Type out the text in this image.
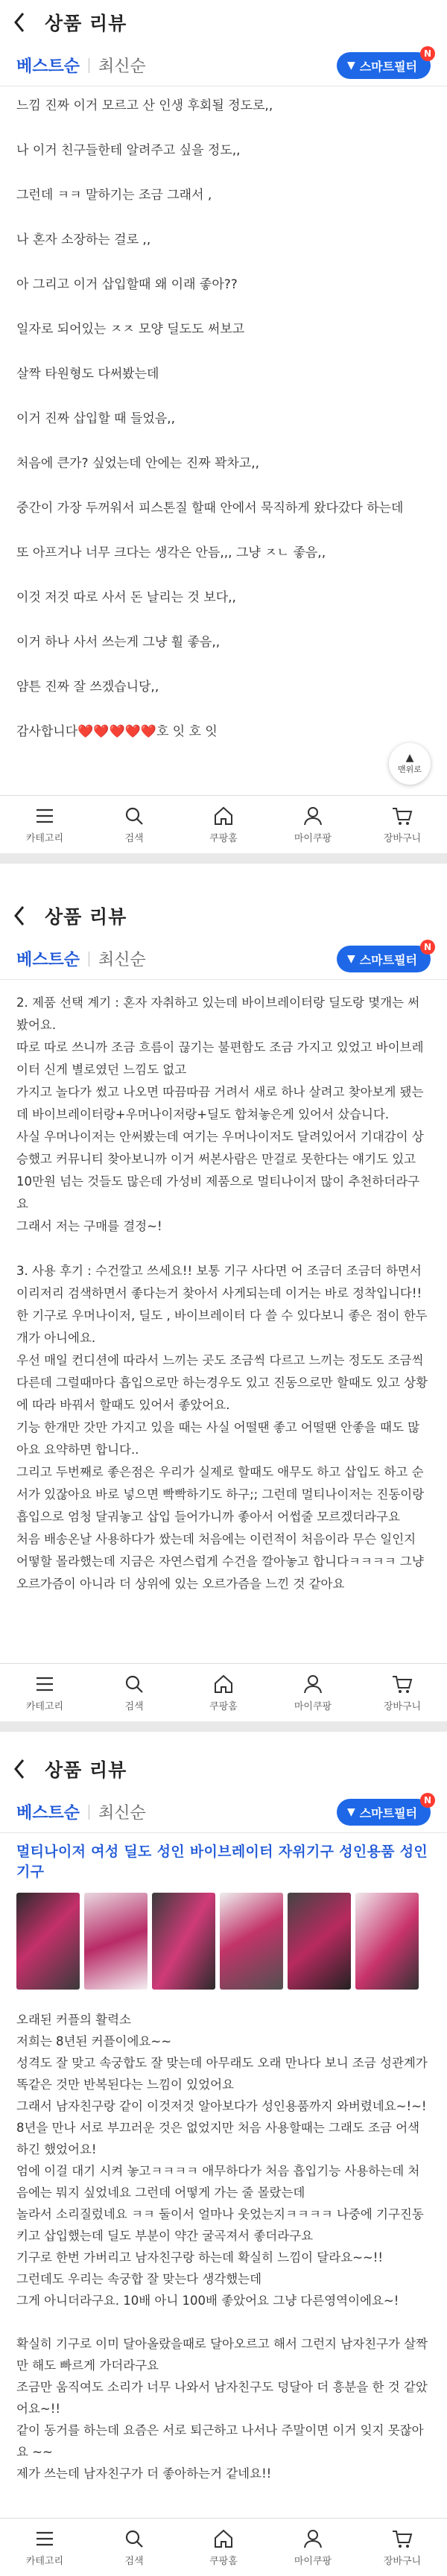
상품 리뷰
베스트순 최신순	▼ 스마트필터
N
느낌 진짜 이거 모르고 산 인생 후회될 정도로,,
나 이거 친구들한테 알려주고 싶을 정도,,
그런데 ㅋㅋ 말하기는 조금 그래서 ,
나 혼자 소장하는 걸로 ,,
아 그리고 이거 삽입할때 왜 이래 좋아??
일자로 되어있는 ㅈㅈ 모양 딜도도 써보고
살짝 타원형도 다써봤는데
이거 진짜 삽입할 때 들었음,,
처음에 큰가? 싶었는데 안에는 진짜 꽉차고,,
중간이 가장 두꺼워서 피스톤질 할때 안에서 묵직하게 왔다갔다 하는데
또 아프거나 너무 크다는 생각은 안듬,,, 그냥 ㅈㄴ 좋음,,
이것 저것 따로 사서 돈 날리는 것 보다,,
이거 하나 사서 쓰는게 그냥 훨 좋음,,
얌튼 진짜 잘 쓰겠습니당,,
감사합니다❤️❤️❤️❤️❤️호 잇 호 잇
▲
맨위로
카테고리	검색	쿠팡홈	마이쿠팡	장바구니
상품 리뷰
베스트순 최신순	▼ 스마트필터
N
2. 제품 선택 계기 : 혼자 자취하고 있는데 바이브레이터랑 딜도랑 몇개는 써봤어요.
따로 따로 쓰니까 조금 흐름이 끊기는 불편함도 조금 가지고 있었고 바이브레이터 신게 별로였던 느낌도 없고
가지고 놀다가 썼고 나오면 따끔따끔 거려서 새로 하나 살려고 찾아보게 됐는데 바이브레이터랑+우머나이저랑+딜도 합쳐놓은게 있어서 샀습니다.
사실 우머나이저는 안써봤는데 여기는 우머나이저도 달려있어서 기대감이 상승했고 커뮤니티 찾아보니까 이거 써본사람은 만걸로 못한다는 얘기도 있고 10만원 넘는 것들도 많은데 가성비 제품으로 멀티나이저 많이 추천하더라구요
그래서 저는 구매를 결정~!

3. 사용 후기 : 수건깔고 쓰세요!! 보통 기구 사다면 어 조금더 조금더 하면서 이리저리 검색하면서 좋다는거 찾아서 사게되는데 이거는 바로 정착입니다!!
한 기구로 우머나이저, 딜도 , 바이브레이터 다 쓸 수 있다보니 좋은 점이 한두개가 아니에요.
우선 매일 컨디션에 따라서 느끼는 곳도 조금씩 다르고 느끼는 정도도 조금씩 다른데 그럴때마다 흡입으로만 하는경우도 있고 진동으로만 할때도 있고 상황에 따라 바꿔서 할때도 있어서 좋았어요.
기능 한개만 갓만 가지고 있을 때는 사실 어떨땐 좋고 어떨땐 안좋을 때도 많아요 요약하면 합니다..
그리고 두번째로 좋은점은 우리가 실제로 할때도 애무도 하고 삽입도 하고 순서가 있잖아요 바로 넣으면 빡빡하기도 하구;; 그런데 멀티나이저는 진동이랑 흡입으로 엄청 달궈놓고 삽입 들어가니까 좋아서 어썹줄 모르겠더라구요
처음 배송온날 사용하다가 쌌는데 처음에는 이런적이 처음이라 무슨 일인지 어떻할 몰라했는데 지금은 자연스럽게 수건을 깔아놓고 합니다ㅋㅋㅋㅋ 그냥 오르가즘이 아니라 더 상위에 있는 오르가즘을 느낀 것 같아요
카테고리	검색	쿠팡홈	마이쿠팡	장바구니
상품 리뷰
베스트순 최신순	▼ 스마트필터
N
멀티나이저 여성 딜도 성인 바이브레이터 자위기구 성인용품 성인기구
오래된 커플의 활력소
저희는 8년된 커플이에요~~
성격도 잘 맞고 속궁합도 잘 맞는데 아무래도 오래 만나다 보니 조금 성관계가 똑같은 것만 반복된다는 느낌이 있었어요
그래서 남자친구랑 같이 이것저것 알아보다가 성인용품까지 와버렸네요~!~!
8년을 만나 서로 부끄러운 것은 없었지만 처음 사용할때는 그래도 조금 어색하긴 했었어요!
엄에 이걸 대기 시켜 놓고ㅋㅋㅋㅋ 애무하다가 처음 흡입기능 사용하는데 처음에는 뭐지 싶었네요 그런데 어떻게 가는 줄 몰랐는데
놀라서 소리질렀네요 ㅋㅋ 둘이서 얼마나 웃었는지ㅋㅋㅋㅋ 나중에 기구진동키고 삽입했는데 딜도 부분이 약간 굴곡져서 좋더라구요
기구로 한번 가버리고 남자친구랑 하는데 확실히 느낌이 달라요~~!!
그런데도 우리는 속궁합 잘 맞는다 생각했는데
그게 아니더라구요. 10배 아니 100배 좋았어요 그냥 다른영역이에요~!

확실히 기구로 이미 달아올랐을때로 달아오르고 해서 그런지 남자친구가 살짝 만 해도 빠르게 가더라구요
조금만 움직여도 소리가 너무 나와서 남자친구도 덩달아 더 흥분을 한 것 같았어요~!!
같이 동거를 하는데 요즘은 서로 퇴근하고 나서나 주말이면 이거 잊지 못잖아요 ~~
제가 쓰는데 남자친구가 더 좋아하는거 같네요!!
카테고리	검색	쿠팡홈	마이쿠팡	장바구니
